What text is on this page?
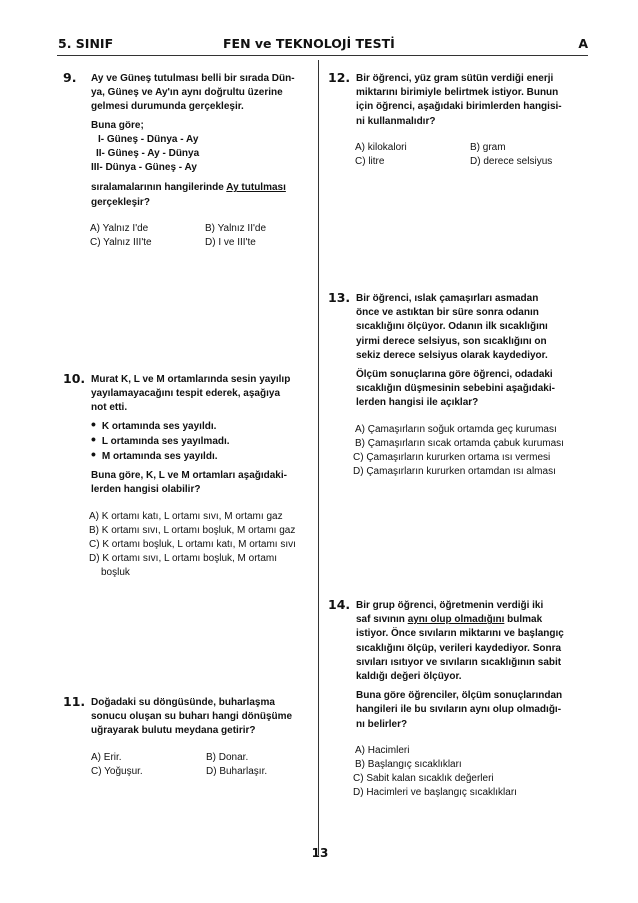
5. SINIF	FEN ve TEKNOLOJİ TESTİ	A
9. Ay ve Güneş tutulması belli bir sırada Dün-

ya, Güneş ve Ay'ın aynı doğrultu üzerine

gelmesi durumunda gerçekleşir.

Buna göre;

I- Güneş - Dünya - Ay

II- Güneş - Ay - Dünya

III- Dünya - Güneş - Ay

sıralamalarının hangilerinde Ay tutulması

gerçekleşir?

A) Yalnız I'de	B) Yalnız II'de
C) Yalnız III'te	D) I ve III'te
10. Murat K, L ve M ortamlarında sesin yayılıp

yayılamayacağını tespit ederek, aşağıya

not etti.

• K ortamında ses yayıldı.

• L ortamında ses yayılmadı.

• M ortamında ses yayıldı.

Buna göre, K, L ve M ortamları aşağıdaki-

lerden hangisi olabilir?

A) K ortamı katı, L ortamı sıvı, M ortamı gaz

B) K ortamı sıvı, L ortamı boşluk, M ortamı gaz

C) K ortamı boşluk, L ortamı katı, M ortamı sıvı

D) K ortamı sıvı, L ortamı boşluk, M ortamı

boşluk

11. Doğadaki su döngüsünde, buharlaşma

sonucu oluşan su buharı hangi dönüşüme

uğrayarak bulutu meydana getirir?

A) Erir.	B) Donar.
C) Yoğuşur.	D) Buharlaşır.
12. Bir öğrenci, yüz gram sütün verdiği enerji

miktarını birimiyle belirtmek istiyor. Bunun

için öğrenci, aşağıdaki birimlerden hangisi-

ni kullanmalıdır?

A) kilokalori	B) gram
C) litre	D) derece selsiyus
13. Bir öğrenci, ıslak çamaşırları asmadan

önce ve astıktan bir süre sonra odanın

sıcaklığını ölçüyor. Odanın ilk sıcaklığını

yirmi derece selsiyus, son sıcaklığını on

sekiz derece selsiyus olarak kaydediyor.

Ölçüm sonuçlarına göre öğrenci, odadaki

sıcaklığın düşmesinin sebebini aşağıdaki-

lerden hangisi ile açıklar?

A) Çamaşırların soğuk ortamda geç kuruması

B) Çamaşırların sıcak ortamda çabuk kuruması

C) Çamaşırların kururken ortama ısı vermesi

D) Çamaşırların kururken ortamdan ısı alması

14. Bir grup öğrenci, öğretmenin verdiği iki

saf sıvının aynı olup olmadığını bulmak

istiyor. Önce sıvıların miktarını ve başlangıç

sıcaklığını ölçüp, verileri kaydediyor. Sonra

sıvıları ısıtıyor ve sıvıların sıcaklığının sabit

kaldığı değeri ölçüyor.

Buna göre öğrenciler, ölçüm sonuçlarından

hangileri ile bu sıvıların aynı olup olmadığı-

nı belirler?

A) Hacimleri

B) Başlangıç sıcaklıkları

C) Sabit kalan sıcaklık değerleri

D) Hacimleri ve başlangıç sıcaklıkları

13
